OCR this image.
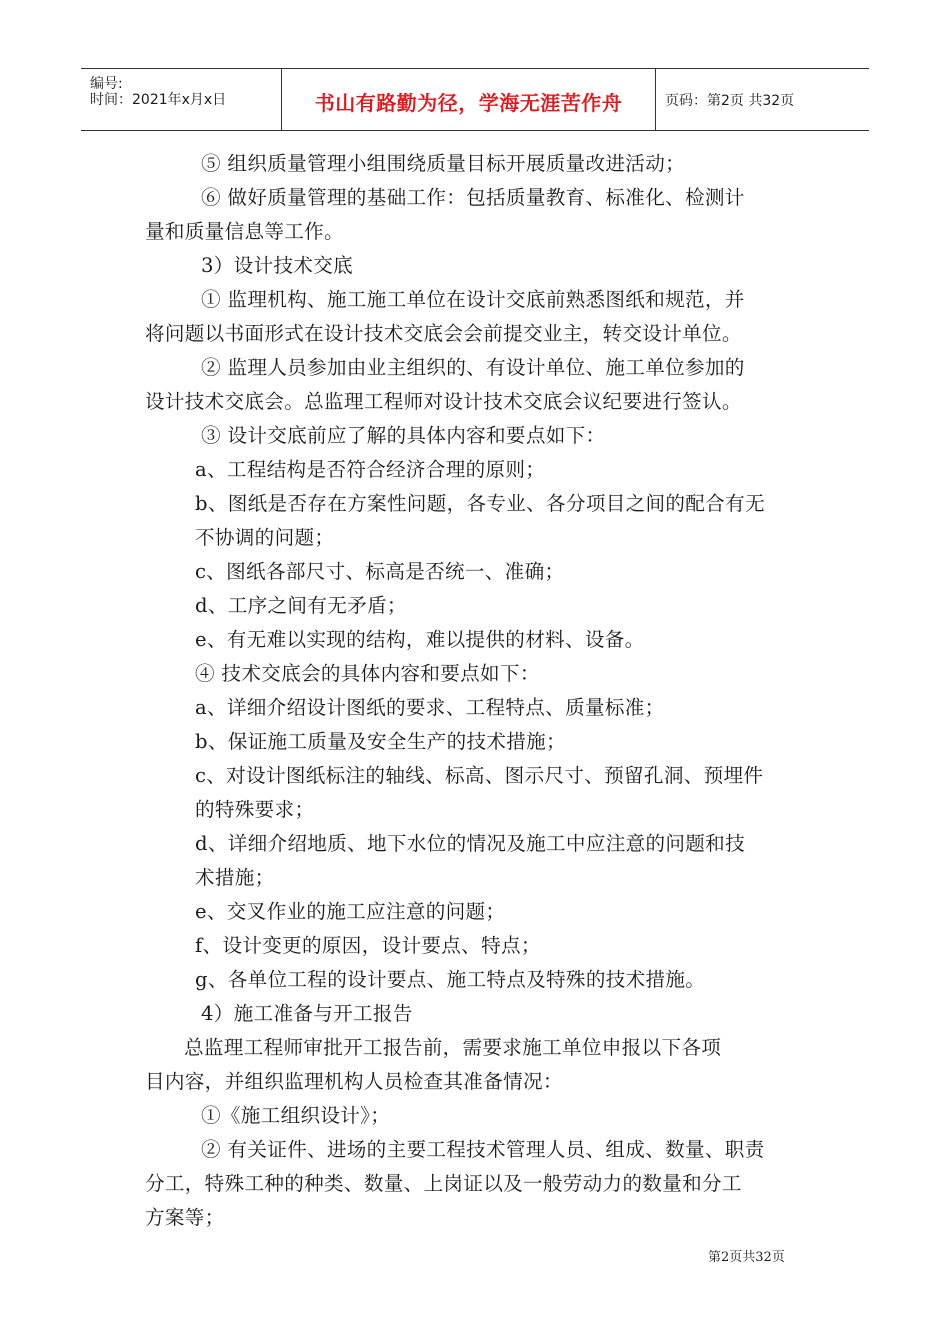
编号:
时间：2021年x月x日	书山有路勤为径，学海无涯苦作舟	页码：第2页 共32页
⑤ 组织质量管理小组围绕质量目标开展质量改进活动；
⑥ 做好质量管理的基础工作：包括质量教育、标准化、检测计
量和质量信息等工作。
3）设计技术交底
① 监理机构、施工施工单位在设计交底前熟悉图纸和规范，并
将问题以书面形式在设计技术交底会会前提交业主，转交设计单位。
② 监理人员参加由业主组织的、有设计单位、施工单位参加的
设计技术交底会。总监理工程师对设计技术交底会议纪要进行签认。
③ 设计交底前应了解的具体内容和要点如下：
a、工程结构是否符合经济合理的原则；
b、图纸是否存在方案性问题，各专业、各分项目之间的配合有无
不协调的问题；
c、图纸各部尺寸、标高是否统一、准确；
d、工序之间有无矛盾；
e、有无难以实现的结构，难以提供的材料、设备。
④ 技术交底会的具体内容和要点如下：
a、详细介绍设计图纸的要求、工程特点、质量标准；
b、保证施工质量及安全生产的技术措施；
c、对设计图纸标注的轴线、标高、图示尺寸、预留孔洞、预埋件
的特殊要求；
d、详细介绍地质、地下水位的情况及施工中应注意的问题和技
术措施；
e、交叉作业的施工应注意的问题；
f、设计变更的原因，设计要点、特点；
g、各单位工程的设计要点、施工特点及特殊的技术措施。
4）施工准备与开工报告
总监理工程师审批开工报告前，需要求施工单位申报以下各项
目内容，并组织监理机构人员检查其准备情况：
①《施工组织设计》；
② 有关证件、进场的主要工程技术管理人员、组成、数量、职责
分工，特殊工种的种类、数量、上岗证以及一般劳动力的数量和分工
方案等；
第2页共32页
